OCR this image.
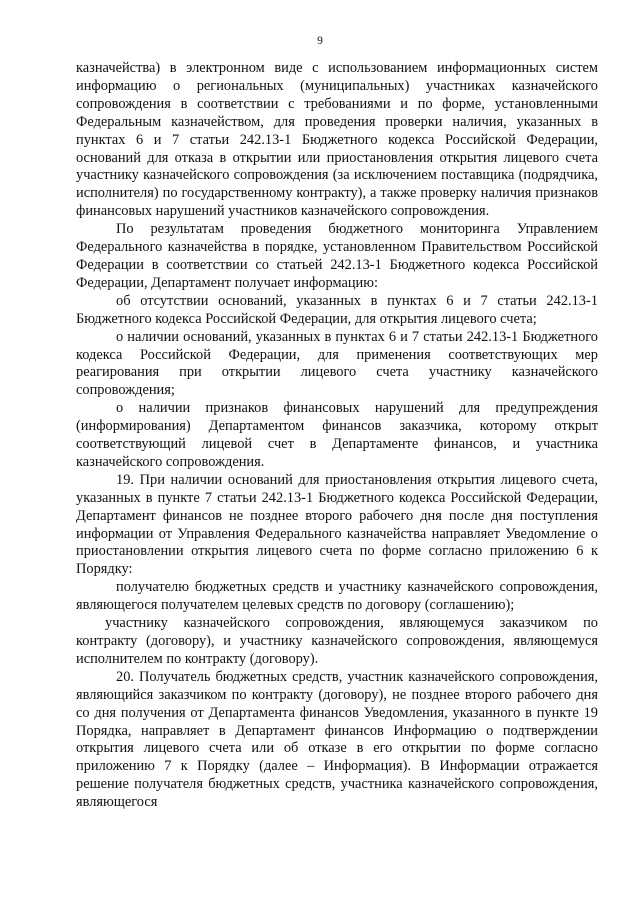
9

казначейства) в электронном виде с использованием информационных систем информацию о региональных (муниципальных) участниках казначейского сопровождения в соответствии с требованиями и по форме, установленными Федеральным казначейством, для проведения проверки наличия, указанных в пунктах 6 и 7 статьи 242.13-1 Бюджетного кодекса Российской Федерации, оснований для отказа в открытии или приостановления открытия лицевого счета участнику казначейского сопровождения (за исключением поставщика (подрядчика, исполнителя) по государственному контракту), а также проверку наличия признаков финансовых нарушений участников казначейского сопровождения.

По результатам проведения бюджетного мониторинга Управлением Федерального казначейства в порядке, установленном Правительством Российской Федерации в соответствии со статьей 242.13-1 Бюджетного кодекса Российской Федерации, Департамент получает информацию:

об отсутствии оснований, указанных в пунктах 6 и 7 статьи 242.13-1 Бюджетного кодекса Российской Федерации, для открытия лицевого счета;

о наличии оснований, указанных в пунктах 6 и 7 статьи 242.13-1 Бюджетного кодекса Российской Федерации, для применения соответствующих мер реагирования при открытии лицевого счета участнику казначейского сопровождения;

о наличии признаков финансовых нарушений для предупреждения (информирования) Департаментом финансов заказчика, которому открыт соответствующий лицевой счет в Департаменте финансов, и участника казначейского сопровождения.

19. При наличии оснований для приостановления открытия лицевого счета, указанных в пункте 7 статьи 242.13-1 Бюджетного кодекса Российской Федерации, Департамент финансов не позднее второго рабочего дня после дня поступления информации от Управления Федерального казначейства направляет Уведомление о приостановлении открытия лицевого счета по форме согласно приложению 6 к Порядку:

получателю бюджетных средств и участнику казначейского сопровождения, являющегося получателем целевых средств по договору (соглашению);

участнику казначейского сопровождения, являющемуся заказчиком по контракту (договору), и участнику казначейского сопровождения, являющемуся исполнителем по контракту (договору).

20. Получатель бюджетных средств, участник казначейского сопровождения, являющийся заказчиком по контракту (договору), не позднее второго рабочего дня со дня получения от Департамента финансов Уведомления, указанного в пункте 19 Порядка, направляет в Департамент финансов Информацию о подтверждении открытия лицевого счета или об отказе в его открытии по форме согласно приложению 7 к Порядку (далее – Информация). В Информации отражается решение получателя бюджетных средств, участника казначейского сопровождения, являющегося
